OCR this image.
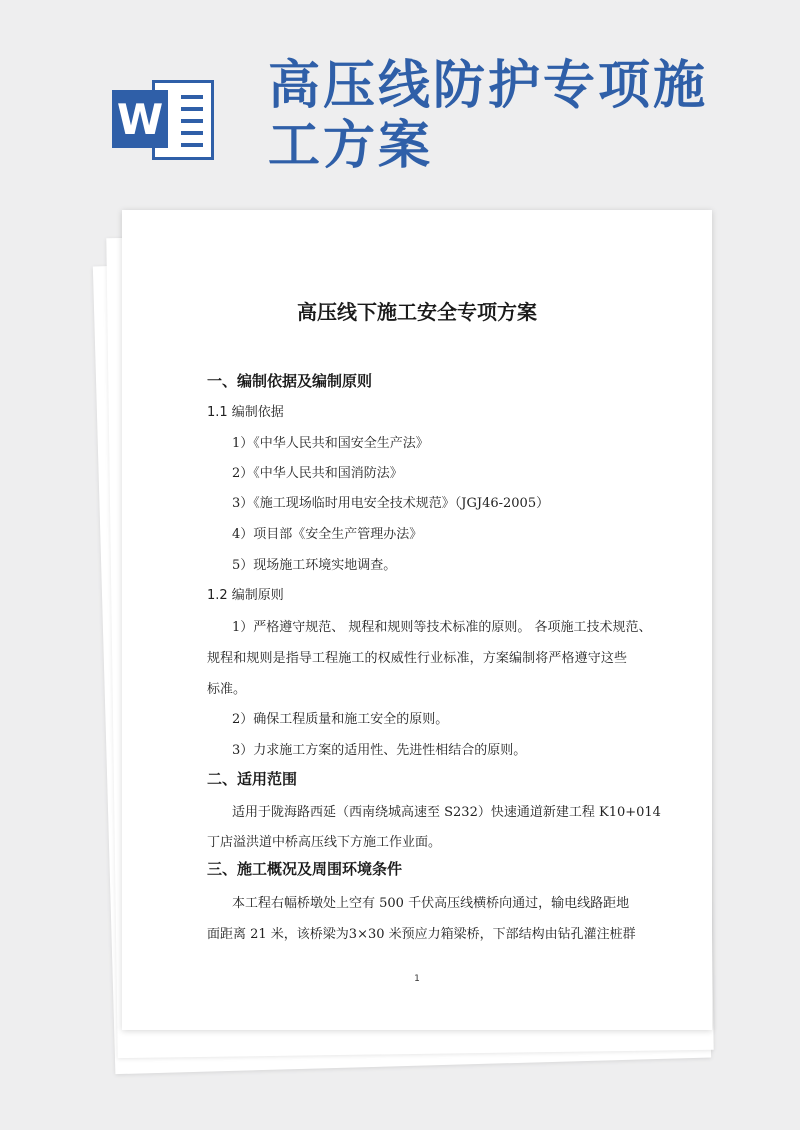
W
高压线防护专项施工方案
高压线下施工安全专项方案
一、编制依据及编制原则
1.1 编制依据
1）《中华人民共和国安全生产法》
2）《中华人民共和国消防法》
3）《施工现场临时用电安全技术规范》（JGJ46-2005）
4）项目部《安全生产管理办法》
5）现场施工环境实地调查。
1.2 编制原则
1）严格遵守规范、 规程和规则等技术标准的原则。 各项施工技术规范、
规程和规则是指导工程施工的权威性行业标准，方案编制将严格遵守这些
标准。
2）确保工程质量和施工安全的原则。
3）力求施工方案的适用性、先进性相结合的原则。
二、适用范围
适用于陇海路西延（西南绕城高速至 S232）快速通道新建工程 K10+014
丁店溢洪道中桥高压线下方施工作业面。
三、施工概况及周围环境条件
本工程右幅桥墩处上空有 500 千伏高压线横桥向通过，输电线路距地
面距离 21 米，该桥梁为3×30 米预应力箱梁桥，下部结构由钻孔灌注桩群
1
